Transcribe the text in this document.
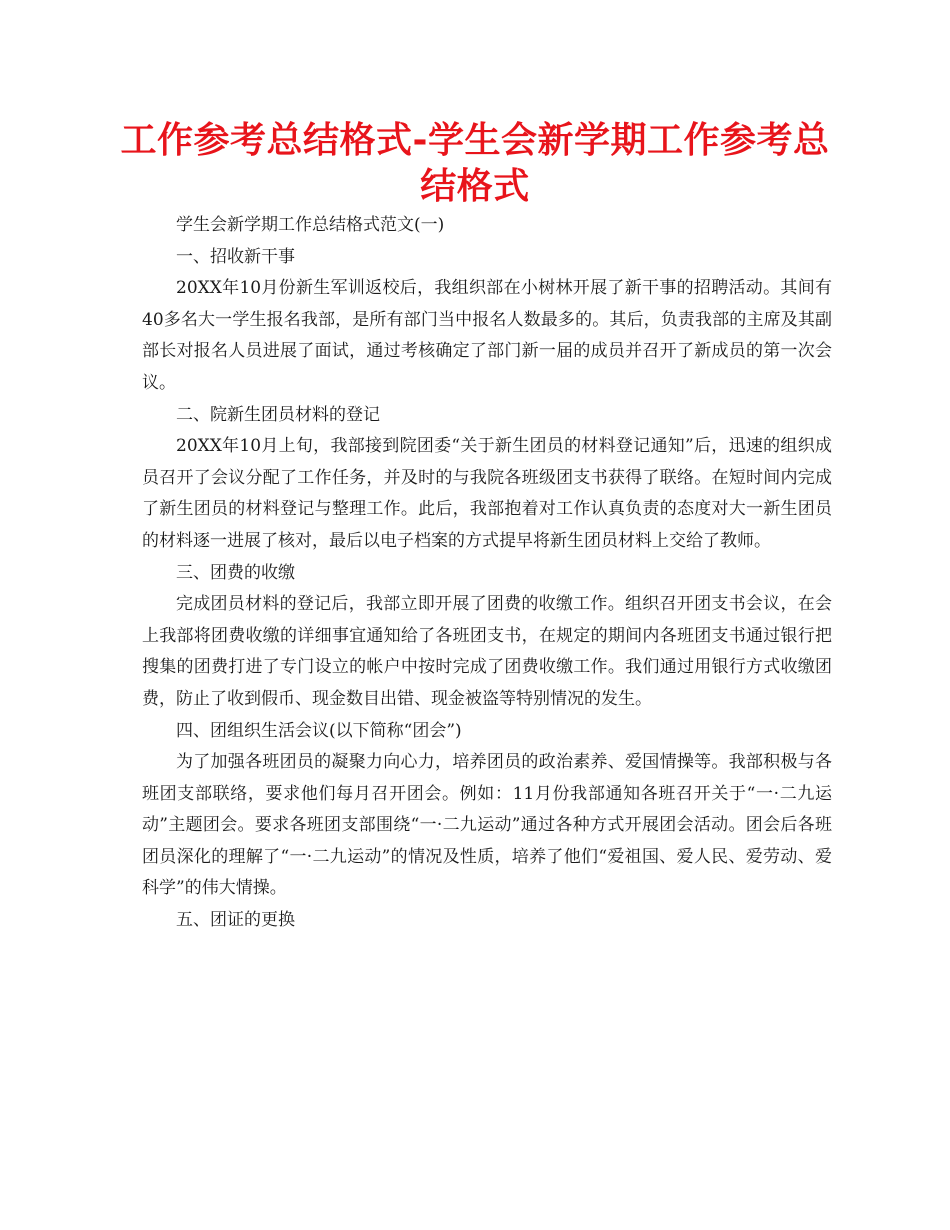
工作参考总结格式-学生会新学期工作参考总结格式

学生会新学期工作总结格式范文(一)

一、招收新干事

20XX年10月份新生军训返校后，我组织部在小树林开展了新干事的招聘活动。其间有40多名大一学生报名我部，是所有部门当中报名人数最多的。其后，负责我部的主席及其副部长对报名人员进展了面试，通过考核确定了部门新一届的成员并召开了新成员的第一次会议。

二、院新生团员材料的登记

20XX年10月上旬，我部接到院团委“关于新生团员的材料登记通知”后，迅速的组织成员召开了会议分配了工作任务，并及时的与我院各班级团支书获得了联络。在短时间内完成了新生团员的材料登记与整理工作。此后，我部抱着对工作认真负责的态度对大一新生团员的材料逐一进展了核对，最后以电子档案的方式提早将新生团员材料上交给了教师。

三、团费的收缴

完成团员材料的登记后，我部立即开展了团费的收缴工作。组织召开团支书会议，在会上我部将团费收缴的详细事宜通知给了各班团支书，在规定的期间内各班团支书通过银行把搜集的团费打进了专门设立的帐户中按时完成了团费收缴工作。我们通过用银行方式收缴团费，防止了收到假币、现金数目出错、现金被盗等特别情况的发生。

四、团组织生活会议(以下简称“团会”)

为了加强各班团员的凝聚力向心力，培养团员的政治素养、爱国情操等。我部积极与各班团支部联络，要求他们每月召开团会。例如：11月份我部通知各班召开关于“一·二九运动”主题团会。要求各班团支部围绕“一·二九运动”通过各种方式开展团会活动。团会后各班团员深化的理解了“一·二九运动”的情况及性质，培养了他们“爱祖国、爱人民、爱劳动、爱科学”的伟大情操。

五、团证的更换
